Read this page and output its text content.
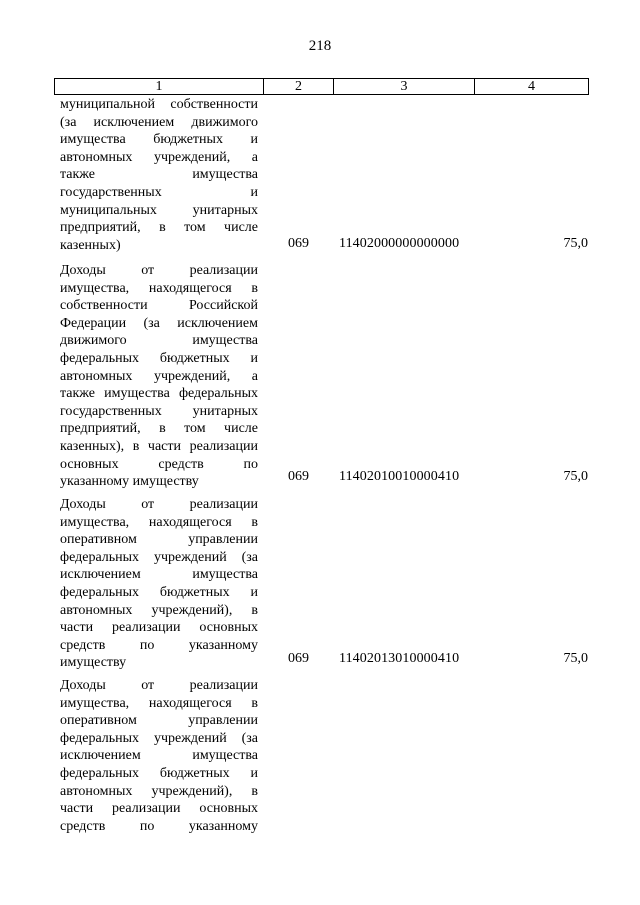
218
1	2	3	4
муниципальной собственности
(за исключением движимого
имущества бюджетных и
автономных учреждений, а
также имущества
государственных и
муниципальных унитарных
предприятий, в том числе
казенных)	069 11402000000000000	75,0
Доходы от реализации
имущества, находящегося в
собственности Российской
Федерации (за исключением
движимого имущества
федеральных бюджетных и
автономных учреждений, а
также имущества федеральных
государственных унитарных
предприятий, в том числе
казенных), в части реализации
основных средств по
указанному имуществу	069 11402010010000410	75,0
Доходы от реализации
имущества, находящегося в
оперативном управлении
федеральных учреждений (за
исключением имущества
федеральных бюджетных и
автономных учреждений), в
части реализации основных
средств по указанному
имуществу	069 11402013010000410	75,0
Доходы от реализации
имущества, находящегося в
оперативном управлении
федеральных учреждений (за
исключением имущества
федеральных бюджетных и
автономных учреждений), в
части реализации основных
средств по указанному
